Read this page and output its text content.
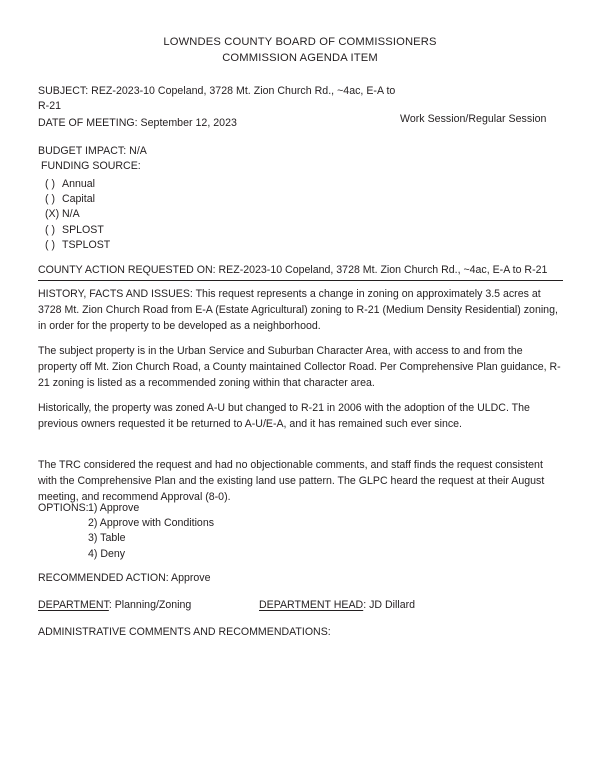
LOWNDES COUNTY BOARD OF COMMISSIONERS
COMMISSION AGENDA ITEM
SUBJECT: REZ-2023-10 Copeland, 3728 Mt. Zion Church Rd., ~4ac, E-A to
R-21
DATE OF MEETING: September 12, 2023	Work Session/Regular Session
BUDGET IMPACT: N/A
FUNDING SOURCE:
( ) Annual
( ) Capital
(X) N/A
( ) SPLOST
( ) TSPLOST
COUNTY ACTION REQUESTED ON: REZ-2023-10 Copeland, 3728 Mt. Zion Church Rd., ~4ac, E-A to R-21
HISTORY, FACTS AND ISSUES: This request represents a change in zoning on approximately 3.5 acres at 3728 Mt. Zion Church Road from E-A (Estate Agricultural) zoning to R-21 (Medium Density Residential) zoning, in order for the property to be developed as a neighborhood.
The subject property is in the Urban Service and Suburban Character Area, with access to and from the property off Mt. Zion Church Road, a County maintained Collector Road. Per Comprehensive Plan guidance, R-21 zoning is listed as a recommended zoning within that character area.
Historically, the property was zoned A-U but changed to R-21 in 2006 with the adoption of the ULDC. The previous owners requested it be returned to A-U/E-A, and it has remained such ever since.
The TRC considered the request and had no objectionable comments, and staff finds the request consistent with the Comprehensive Plan and the existing land use pattern. The GLPC heard the request at their August meeting, and recommend Approval (8-0).
OPTIONS: 1) Approve
2) Approve with Conditions
3) Table
4) Deny
RECOMMENDED ACTION: Approve
DEPARTMENT: Planning/Zoning	DEPARTMENT HEAD: JD Dillard
ADMINISTRATIVE COMMENTS AND RECOMMENDATIONS:
